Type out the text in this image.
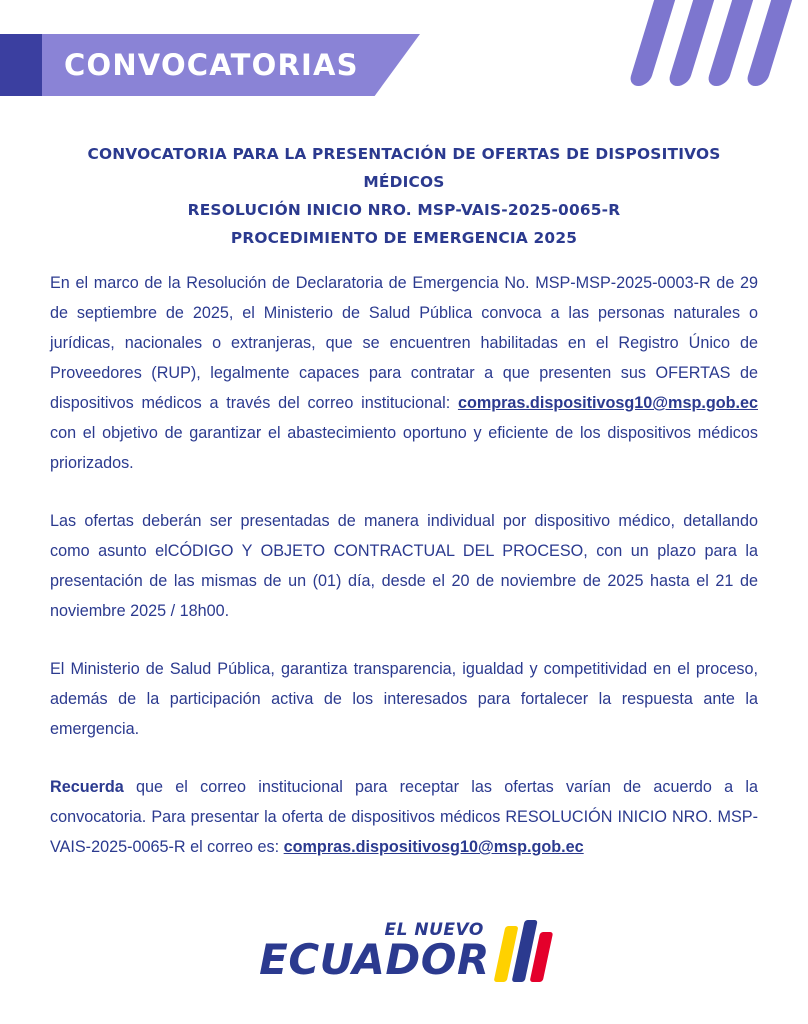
CONVOCATORIAS
CONVOCATORIA PARA LA PRESENTACIÓN DE OFERTAS DE DISPOSITIVOS MÉDICOS
RESOLUCIÓN INICIO NRO. MSP-VAIS-2025-0065-R
PROCEDIMIENTO DE EMERGENCIA 2025

En el marco de la Resolución de Declaratoria de Emergencia No. MSP-MSP-2025-0003-R de 29 de septiembre de 2025, el Ministerio de Salud Pública convoca a las personas naturales o jurídicas, nacionales o extranjeras, que se encuentren habilitadas en el Registro Único de Proveedores (RUP), legalmente capaces para contratar a que presenten sus OFERTAS de dispositivos médicos a través del correo institucional: compras.dispositivosg10@msp.gob.ec con el objetivo de garantizar el abastecimiento oportuno y eficiente de los dispositivos médicos priorizados.

Las ofertas deberán ser presentadas de manera individual por dispositivo médico, detallando como asunto elCÓDIGO Y OBJETO CONTRACTUAL DEL PROCESO, con un plazo para la presentación de las mismas de un (01) día, desde el 20 de noviembre de 2025 hasta el 21 de noviembre 2025 / 18h00.

El Ministerio de Salud Pública, garantiza transparencia, igualdad y competitividad en el proceso, además de la participación activa de los interesados para fortalecer la respuesta ante la emergencia.

Recuerda que el correo institucional para receptar las ofertas varían de acuerdo a la convocatoria. Para presentar la oferta de dispositivos médicos RESOLUCIÓN INICIO NRO. MSP-VAIS-2025-0065-R el correo es: compras.dispositivosg10@msp.gob.ec

EL NUEVO
ECUADOR
